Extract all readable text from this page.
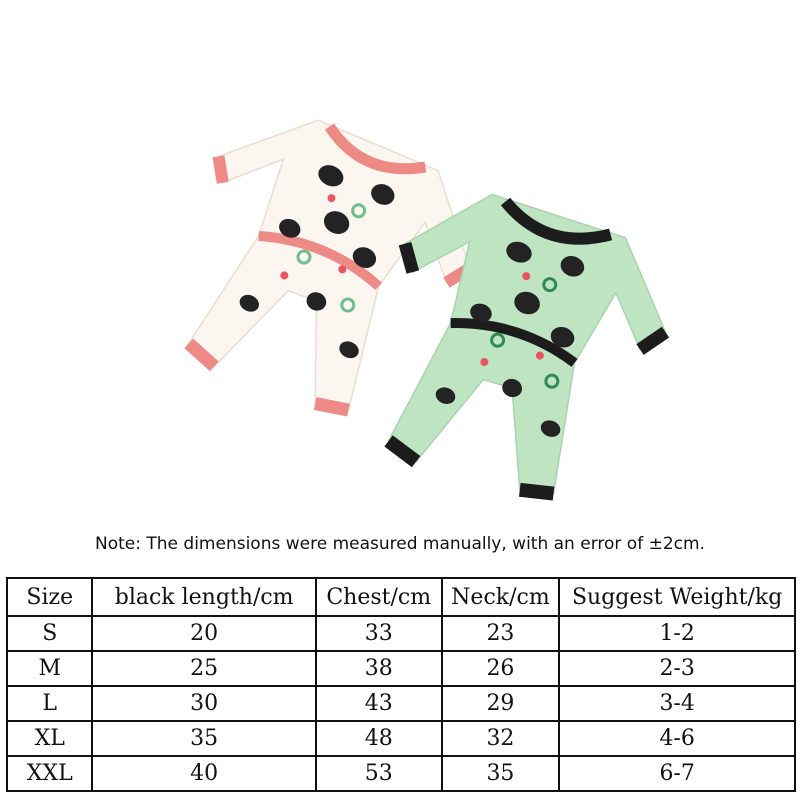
Note: The dimensions were measured manually, with an error of ±2cm.
Size	black length/cm	Chest/cm	Neck/cm	Suggest Weight/kg
S	20	33	23	1-2
M	25	38	26	2-3
L	30	43	29	3-4
XL	35	48	32	4-6
XXL	40	53	35	6-7
